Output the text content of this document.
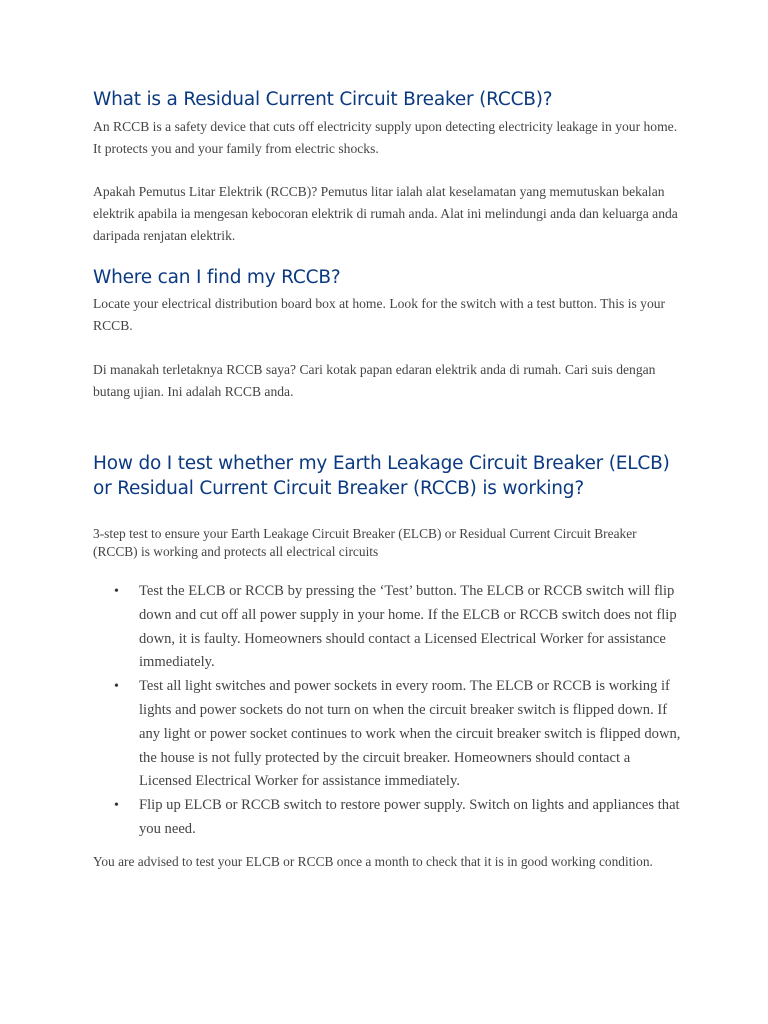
What is a Residual Current Circuit Breaker (RCCB)?

An RCCB is a safety device that cuts off electricity supply upon detecting electricity leakage in your home. It protects you and your family from electric shocks.

Apakah Pemutus Litar Elektrik (RCCB)? Pemutus litar ialah alat keselamatan yang memutuskan bekalan elektrik apabila ia mengesan kebocoran elektrik di rumah anda. Alat ini melindungi anda dan keluarga anda daripada renjatan elektrik.

Where can I find my RCCB?

Locate your electrical distribution board box at home. Look for the switch with a test button. This is your RCCB.

Di manakah terletaknya RCCB saya? Cari kotak papan edaran elektrik anda di rumah. Cari suis dengan butang ujian. Ini adalah RCCB anda.

How do I test whether my Earth Leakage Circuit Breaker (ELCB) or Residual Current Circuit Breaker (RCCB) is working?

3-step test to ensure your Earth Leakage Circuit Breaker (ELCB) or Residual Current Circuit Breaker (RCCB) is working and protects all electrical circuits

• Test the ELCB or RCCB by pressing the ‘Test’ button. The ELCB or RCCB switch will flip down and cut off all power supply in your home. If the ELCB or RCCB switch does not flip down, it is faulty. Homeowners should contact a Licensed Electrical Worker for assistance immediately.
• Test all light switches and power sockets in every room. The ELCB or RCCB is working if lights and power sockets do not turn on when the circuit breaker switch is flipped down. If any light or power socket continues to work when the circuit breaker switch is flipped down, the house is not fully protected by the circuit breaker. Homeowners should contact a Licensed Electrical Worker for assistance immediately.
• Flip up ELCB or RCCB switch to restore power supply. Switch on lights and appliances that you need.

You are advised to test your ELCB or RCCB once a month to check that it is in good working condition.
